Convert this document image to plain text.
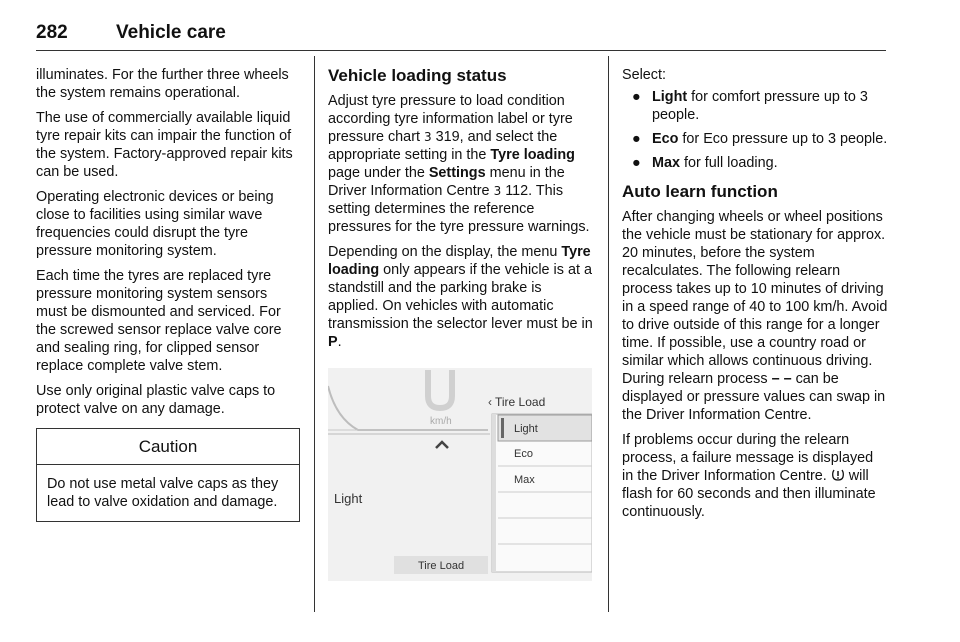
282	Vehicle care

illuminates. For the further three wheels the system remains operational.

The use of commercially available liquid tyre repair kits can impair the function of the system. Factory-approved repair kits can be used.

Operating electronic devices or being close to facilities using similar wave frequencies could disrupt the tyre pressure monitoring system.

Each time the tyres are replaced tyre pressure monitoring system sensors must be dismounted and serviced. For the screwed sensor replace valve core and sealing ring, for clipped sensor replace complete valve stem.

Use only original plastic valve caps to protect valve on any damage.

Caution
Do not use metal valve caps as they lead to valve oxidation and damage.
Vehicle loading status

Adjust tyre pressure to load condition according tyre information label or tyre pressure chart 3 319, and select the appropriate setting in the Tyre loading page under the Settings menu in the Driver Information Centre 3 112. This setting determines the reference pressures for the tyre pressure warnings.

Depending on the display, the menu Tyre loading only appears if the vehicle is at a standstill and the parking brake is applied. On vehicles with automatic transmission the selector lever must be in P.

km/h
‹ Tire Load
Light
Eco
Max
Light
Tire Load

Select:

● Light for comfort pressure up to 3 people.
● Eco for Eco pressure up to 3 people.
● Max for full loading.
Auto learn function

After changing wheels or wheel positions the vehicle must be stationary for approx. 20 minutes, before the system recalculates. The following relearn process takes up to 10 minutes of driving in a speed range of 40 to 100 km/h. Avoid to drive outside of this range for a longer time. If possible, use a country road or similar which allows continuous driving. During relearn process – – can be displayed or pressure values can swap in the Driver Information Centre.

If problems occur during the relearn process, a failure message is displayed in the Driver Information Centre.  will flash for 60 seconds and then illuminate continuously.
